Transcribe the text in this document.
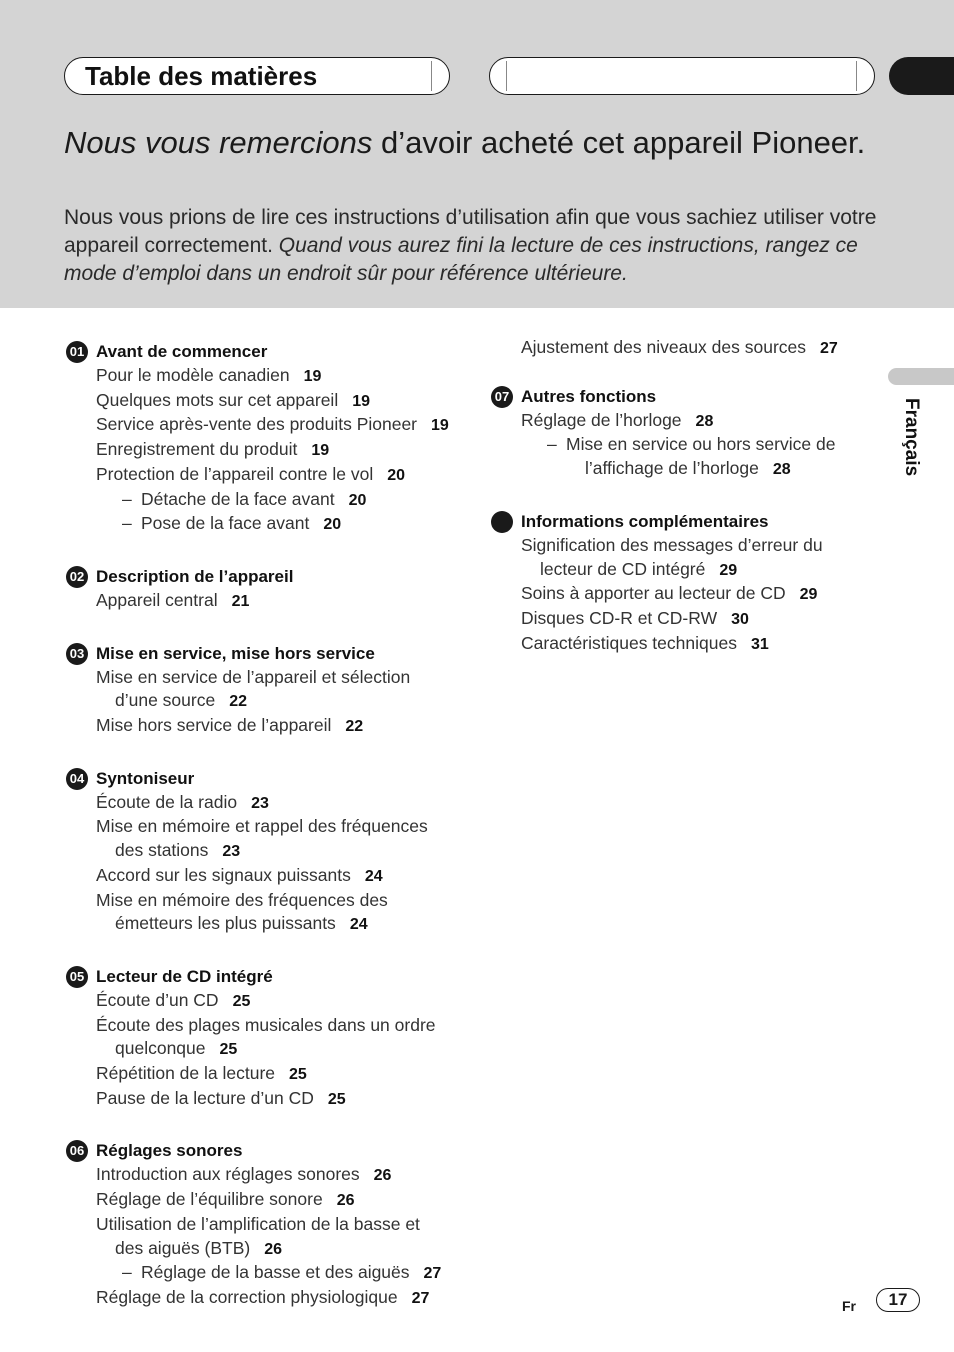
Table des matières
Nous vous remercions d’avoir acheté cet appareil Pioneer.
Nous vous prions de lire ces instructions d’utilisation afin que vous sachiez utiliser votre appareil correctement. Quand vous aurez fini la lecture de ces instructions, rangez ce mode d’emploi dans un endroit sûr pour référence ultérieure.
01 Avant de commencer
Pour le modèle canadien 19
Quelques mots sur cet appareil 19
Service après-vente des produits Pioneer 19
Enregistrement du produit 19
Protection de l’appareil contre le vol 20
– Détache de la face avant 20
– Pose de la face avant 20
02 Description de l’appareil
Appareil central 21
03 Mise en service, mise hors service
Mise en service de l’appareil et sélection
d’une source 22
Mise hors service de l’appareil 22
04 Syntoniseur
Écoute de la radio 23
Mise en mémoire et rappel des fréquences
des stations 23
Accord sur les signaux puissants 24
Mise en mémoire des fréquences des
émetteurs les plus puissants 24
05 Lecteur de CD intégré
Écoute d’un CD 25
Écoute des plages musicales dans un ordre
quelconque 25
Répétition de la lecture 25
Pause de la lecture d’un CD 25
06 Réglages sonores
Introduction aux réglages sonores 26
Réglage de l’équilibre sonore 26
Utilisation de l’amplification de la basse et
des aiguës (BTB) 26
– Réglage de la basse et des aiguës 27
Réglage de la correction physiologique 27
Ajustement des niveaux des sources 27
07 Autres fonctions
Réglage de l’horloge 28
– Mise en service ou hors service de
l’affichage de l’horloge 28
Informations complémentaires
Signification des messages d’erreur du
lecteur de CD intégré 29
Soins à apporter au lecteur de CD 29
Disques CD-R et CD-RW 30
Caractéristiques techniques 31
Français
Fr	17
